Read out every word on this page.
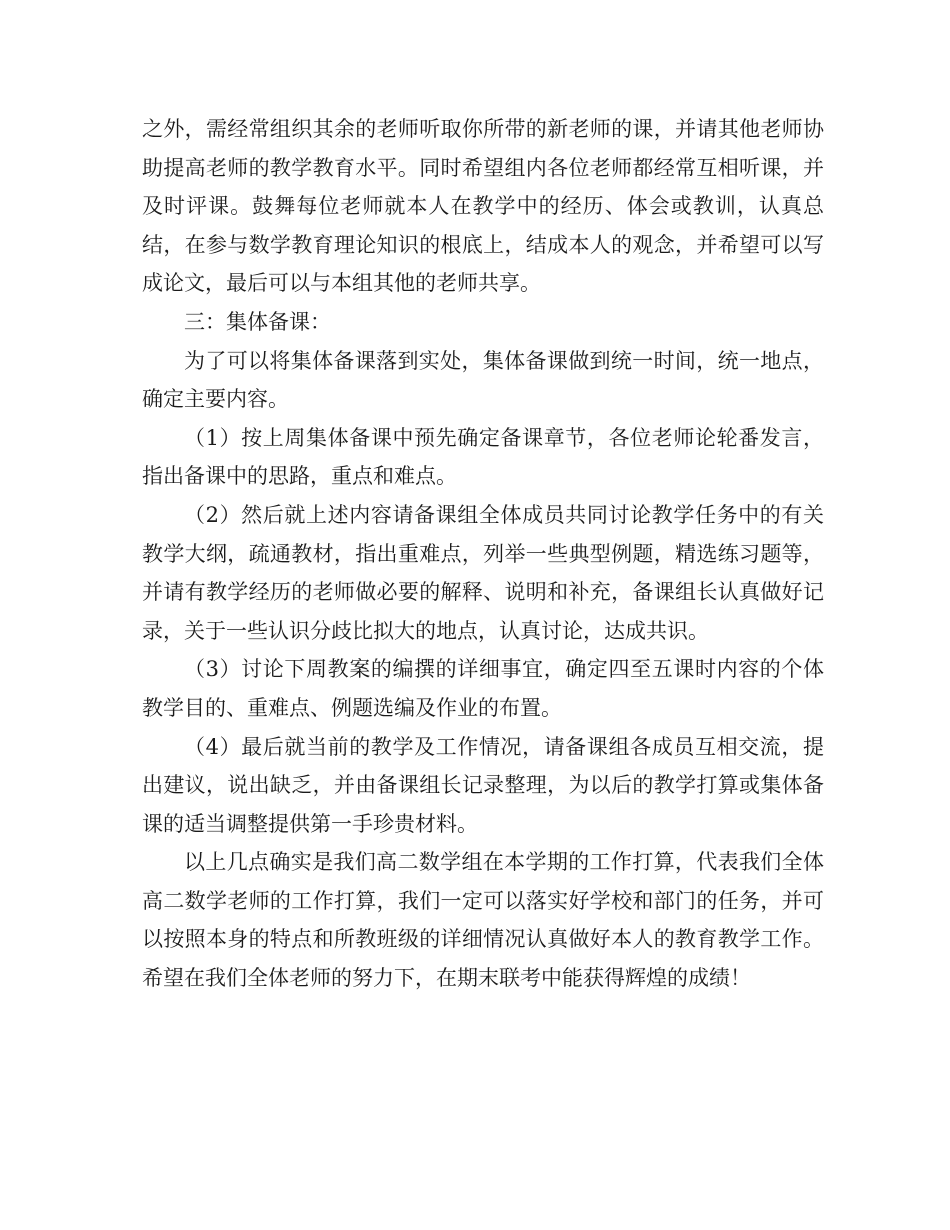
之外，需经常组织其余的老师听取你所带的新老师的课，并请其他老师协助提高老师的教学教育水平。同时希望组内各位老师都经常互相听课，并及时评课。鼓舞每位老师就本人在教学中的经历、体会或教训，认真总结，在参与数学教育理论知识的根底上，结成本人的观念，并希望可以写成论文，最后可以与本组其他的老师共享。

三：集体备课：

为了可以将集体备课落到实处，集体备课做到统一时间，统一地点，确定主要内容。

（1）按上周集体备课中预先确定备课章节，各位老师论轮番发言，指出备课中的思路，重点和难点。

（2）然后就上述内容请备课组全体成员共同讨论教学任务中的有关教学大纲，疏通教材，指出重难点，列举一些典型例题，精选练习题等，并请有教学经历的老师做必要的解释、说明和补充，备课组长认真做好记录，关于一些认识分歧比拟大的地点，认真讨论，达成共识。

（3）讨论下周教案的编撰的详细事宜，确定四至五课时内容的个体教学目的、重难点、例题选编及作业的布置。

（4）最后就当前的教学及工作情况，请备课组各成员互相交流，提出建议，说出缺乏，并由备课组长记录整理，为以后的教学打算或集体备课的适当调整提供第一手珍贵材料。

以上几点确实是我们高二数学组在本学期的工作打算，代表我们全体高二数学老师的工作打算，我们一定可以落实好学校和部门的任务，并可以按照本身的特点和所教班级的详细情况认真做好本人的教育教学工作。希望在我们全体老师的努力下，在期末联考中能获得辉煌的成绩！
